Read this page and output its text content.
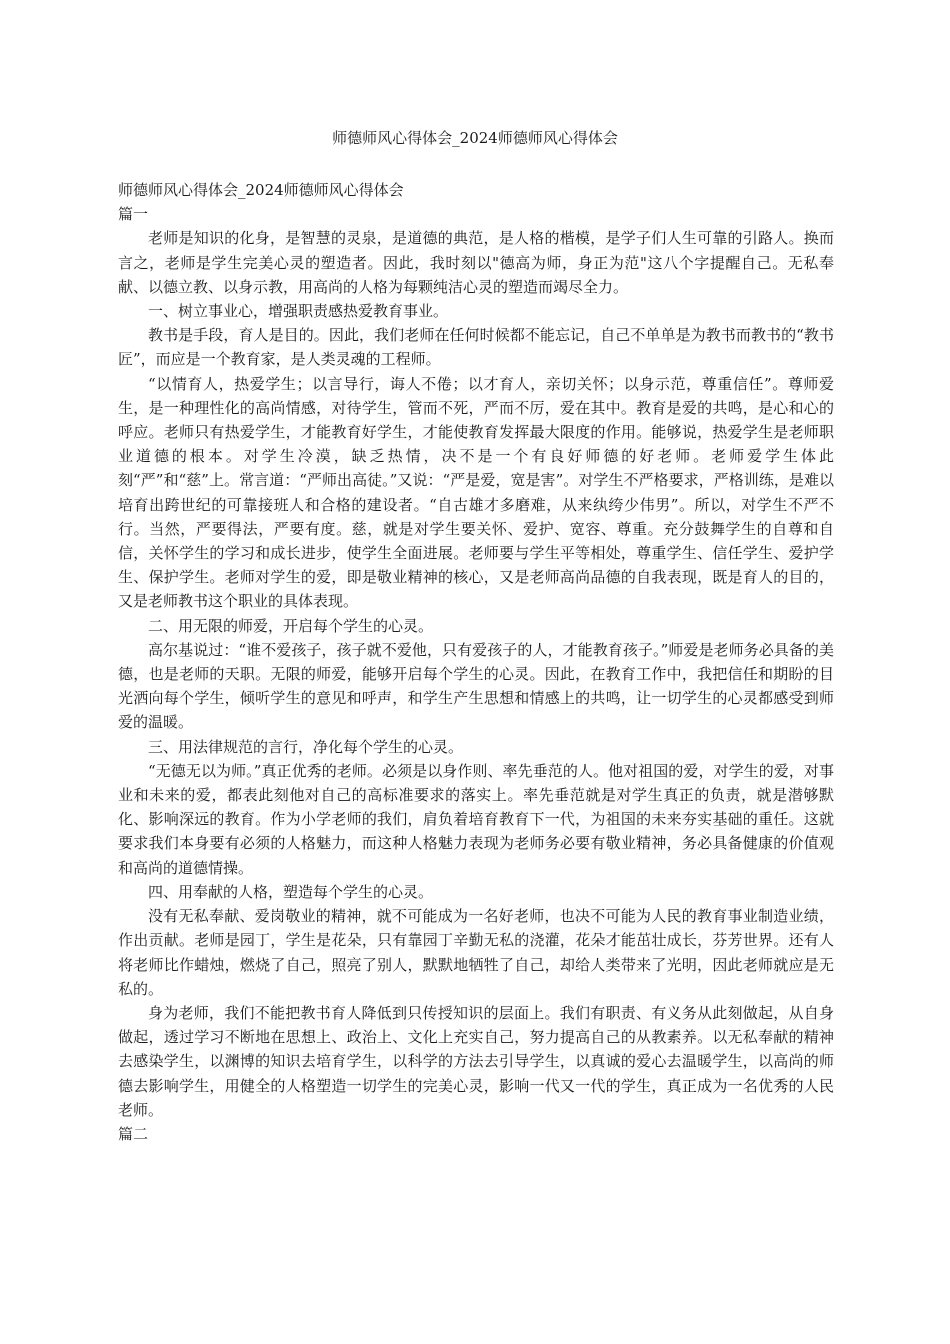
师德师风心得体会_2024师德师风心得体会

师德师风心得体会_2024师德师风心得体会

篇一

老师是知识的化身，是智慧的灵泉，是道德的典范，是人格的楷模，是学子们人生可靠的引路人。换而言之，老师是学生完美心灵的塑造者。因此，我时刻以"德高为师，身正为范"这八个字提醒自己。无私奉献、以德立教、以身示教，用高尚的人格为每颗纯洁心灵的塑造而竭尽全力。

一、树立事业心，增强职责感热爱教育事业。

教书是手段，育人是目的。因此，我们老师在任何时候都不能忘记，自己不单单是为教书而教书的“教书匠”，而应是一个教育家，是人类灵魂的工程师。

“以情育人，热爱学生；以言导行，诲人不倦；以才育人，亲切关怀；以身示范，尊重信任”。尊师爱生，是一种理性化的高尚情感，对待学生，管而不死，严而不厉，爱在其中。教育是爱的共鸣，是心和心的呼应。老师只有热爱学生，才能教育好学生，才能使教育发挥最大限度的作用。能够说，热爱学生是老师职业道德的根本。对学生冷漠，缺乏热情，决不是一个有良好师德的好老师。老师爱学生体此刻“严”和“慈”上。常言道：“严师出高徒。”又说：“严是爱，宽是害”。对学生不严格要求，严格训练，是难以培育出跨世纪的可靠接班人和合格的建设者。“自古雄才多磨难，从来纨绔少伟男”。所以，对学生不严不行。当然，严要得法，严要有度。慈，就是对学生要关怀、爱护、宽容、尊重。充分鼓舞学生的自尊和自信，关怀学生的学习和成长进步，使学生全面进展。老师要与学生平等相处，尊重学生、信任学生、爱护学生、保护学生。老师对学生的爱，即是敬业精神的核心，又是老师高尚品德的自我表现，既是育人的目的，又是老师教书这个职业的具体表现。

二、用无限的师爱，开启每个学生的心灵。

高尔基说过：“谁不爱孩子，孩子就不爱他，只有爱孩子的人，才能教育孩子。”师爱是老师务必具备的美德，也是老师的天职。无限的师爱，能够开启每个学生的心灵。因此，在教育工作中，我把信任和期盼的目光洒向每个学生，倾听学生的意见和呼声，和学生产生思想和情感上的共鸣，让一切学生的心灵都感受到师爱的温暖。

三、用法律规范的言行，净化每个学生的心灵。

“无德无以为师。”真正优秀的老师。必须是以身作则、率先垂范的人。他对祖国的爱，对学生的爱，对事业和未来的爱，都表此刻他对自己的高标准要求的落实上。率先垂范就是对学生真正的负责，就是潜够默化、影响深远的教育。作为小学老师的我们，肩负着培育教育下一代，为祖国的未来夯实基础的重任。这就要求我们本身要有必须的人格魅力，而这种人格魅力表现为老师务必要有敬业精神，务必具备健康的价值观和高尚的道德情操。

四、用奉献的人格，塑造每个学生的心灵。

没有无私奉献、爱岗敬业的精神，就不可能成为一名好老师，也决不可能为人民的教育事业制造业绩，作出贡献。老师是园丁，学生是花朵，只有靠园丁辛勤无私的浇灌，花朵才能茁壮成长，芬芳世界。还有人将老师比作蜡烛，燃烧了自己，照亮了别人，默默地牺牲了自己，却给人类带来了光明，因此老师就应是无私的。

身为老师，我们不能把教书育人降低到只传授知识的层面上。我们有职责、有义务从此刻做起，从自身做起，透过学习不断地在思想上、政治上、文化上充实自己，努力提高自己的从教素养。以无私奉献的精神去感染学生，以渊博的知识去培育学生，以科学的方法去引导学生，以真诚的爱心去温暖学生，以高尚的师德去影响学生，用健全的人格塑造一切学生的完美心灵，影响一代又一代的学生，真正成为一名优秀的人民老师。

篇二
